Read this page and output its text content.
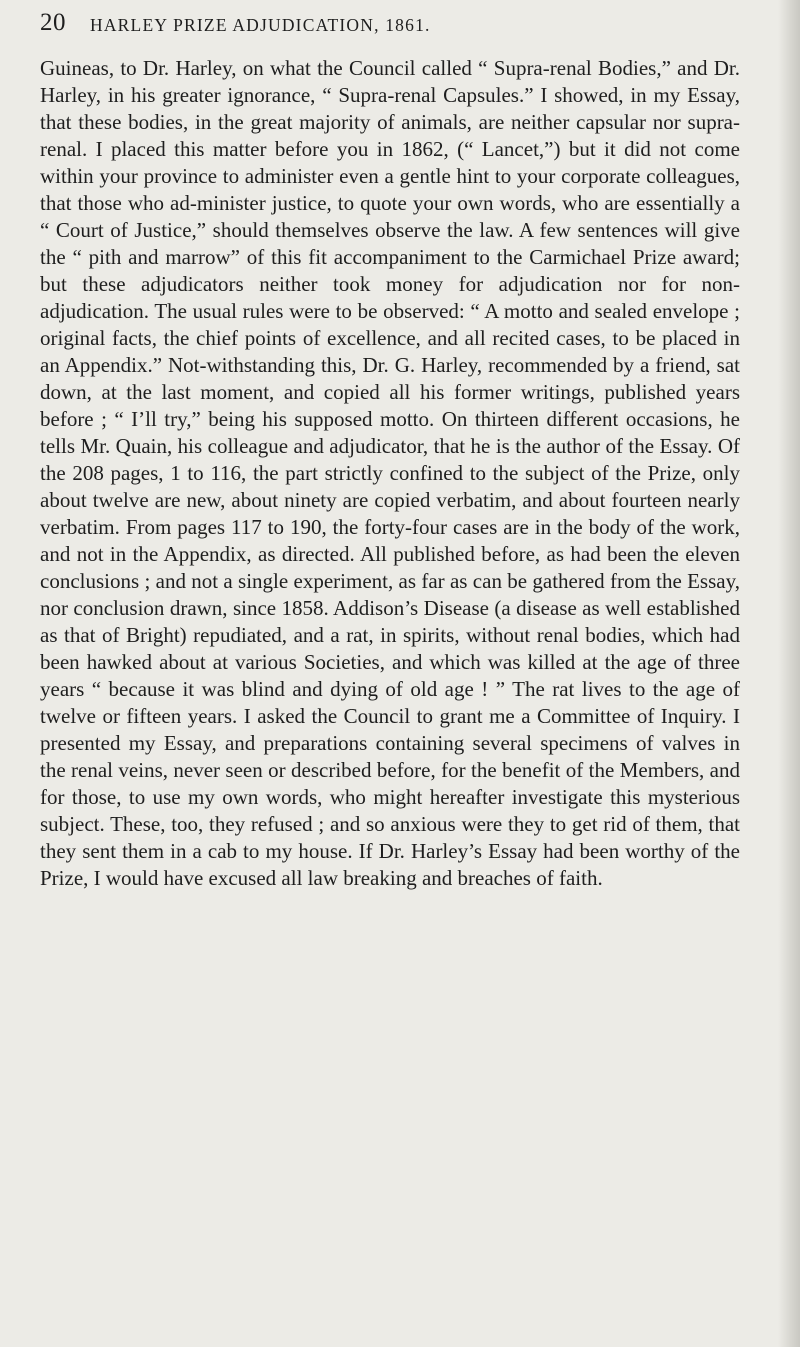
20 HARLEY PRIZE ADJUDICATION, 1861.

Guineas, to Dr. Harley, on what the Council called “ Supra-renal Bodies,” and Dr. Harley, in his greater ignorance, “ Supra-renal Capsules.” I showed, in my Essay, that these bodies, in the great majority of animals, are neither capsular nor supra-renal. I placed this matter before you in 1862, (“ Lancet,”) but it did not come within your province to administer even a gentle hint to your corporate colleagues, that those who ad-minister justice, to quote your own words, who are essentially a “ Court of Justice,” should themselves observe the law. A few sentences will give the “ pith and marrow” of this fit accompaniment to the Carmichael Prize award; but these adjudicators neither took money for adjudication nor for non-adjudication. The usual rules were to be observed: “ A motto and sealed envelope ; original facts, the chief points of excellence, and all recited cases, to be placed in an Appendix.” Not-withstanding this, Dr. G. Harley, recommended by a friend, sat down, at the last moment, and copied all his former writings, published years before ; “ I’ll try,” being his supposed motto. On thirteen different occasions, he tells Mr. Quain, his colleague and adjudicator, that he is the author of the Essay. Of the 208 pages, 1 to 116, the part strictly confined to the subject of the Prize, only about twelve are new, about ninety are copied verbatim, and about fourteen nearly verbatim. From pages 117 to 190, the forty-four cases are in the body of the work, and not in the Appendix, as directed. All published before, as had been the eleven conclusions ; and not a single experiment, as far as can be gathered from the Essay, nor conclusion drawn, since 1858. Addison’s Disease (a disease as well established as that of Bright) repudiated, and a rat, in spirits, without renal bodies, which had been hawked about at various Societies, and which was killed at the age of three years “ because it was blind and dying of old age ! ” The rat lives to the age of twelve or fifteen years. I asked the Council to grant me a Committee of Inquiry. I presented my Essay, and preparations containing several specimens of valves in the renal veins, never seen or described before, for the benefit of the Members, and for those, to use my own words, who might hereafter investigate this mysterious subject. These, too, they refused ; and so anxious were they to get rid of them, that they sent them in a cab to my house. If Dr. Harley’s Essay had been worthy of the Prize, I would have excused all law breaking and breaches of faith.
